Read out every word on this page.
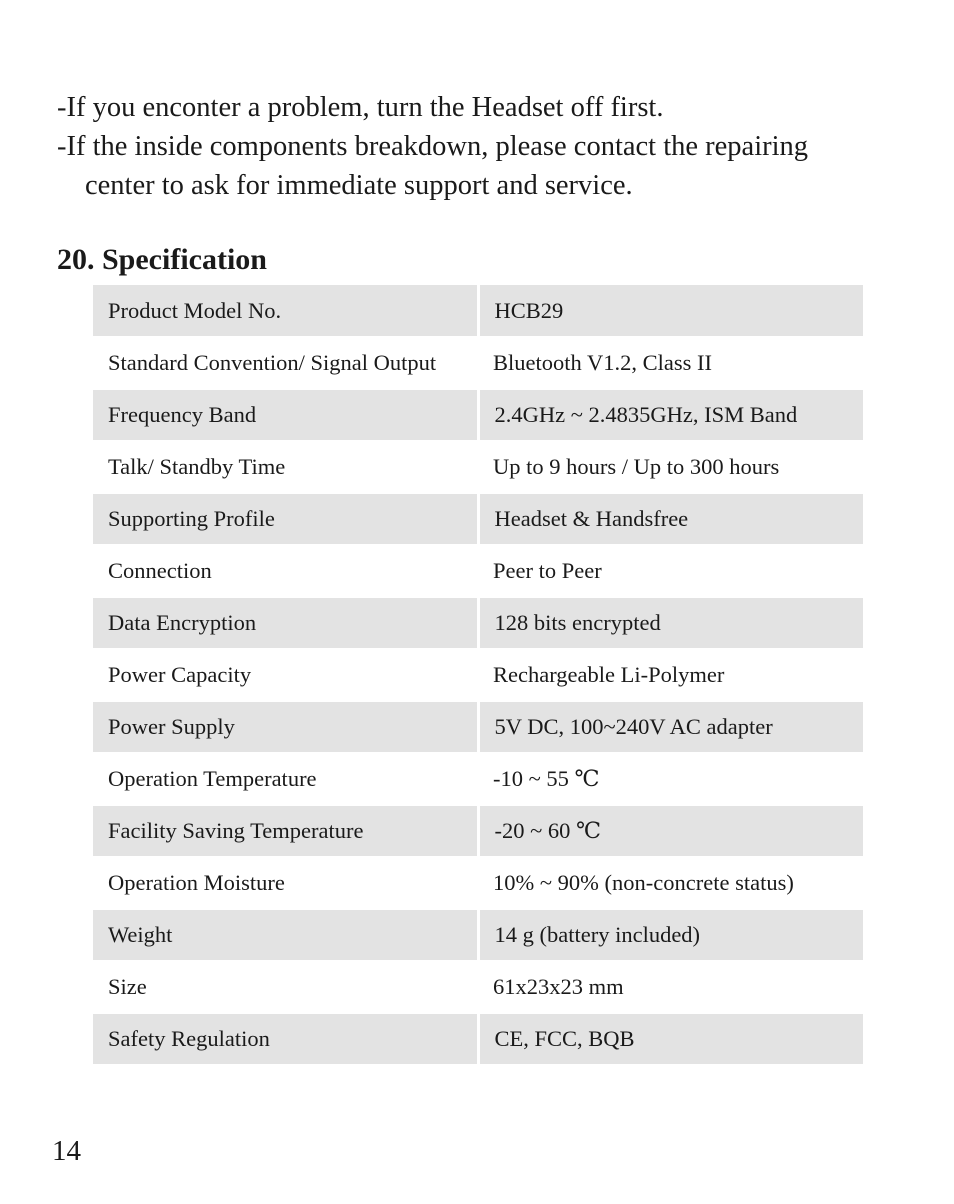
-If you enconter a problem, turn the Headset off first.

-If the inside components breakdown, please contact the repairing

center to ask for immediate support and service.

20. Specification
Product Model No.	HCB29
Standard Convention/ Signal Output	Bluetooth V1.2, Class II
Frequency Band	2.4GHz ~ 2.4835GHz, ISM Band
Talk/ Standby Time	Up to 9 hours / Up to 300 hours
Supporting Profile	Headset & Handsfree
Connection	Peer to Peer
Data Encryption	128 bits encrypted
Power Capacity	Rechargeable Li-Polymer
Power Supply	5V DC, 100~240V AC adapter
Operation Temperature	-10 ~ 55 ℃
Facility Saving Temperature	-20 ~ 60 ℃
Operation Moisture	10% ~ 90% (non-concrete status)
Weight	14 g (battery included)
Size	61x23x23 mm
Safety Regulation	CE, FCC, BQB
14
